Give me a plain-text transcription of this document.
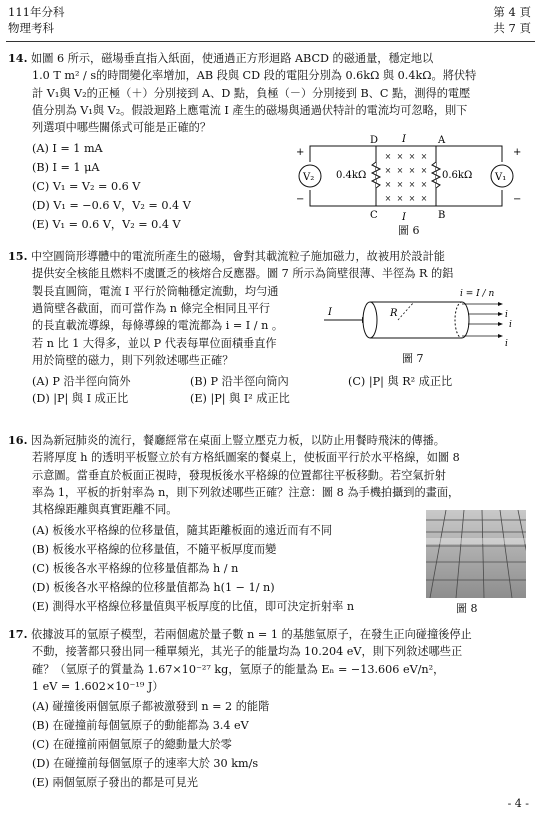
111年分科
物理考科
第 4 頁
共 7 頁

14. 如圖 6 所示，磁場垂直指入紙面，使通過正方形迴路 ABCD 的磁通量，穩定地以

1.0 T m² / s的時間變化率增加，AB 段與 CD 段的電阻分別為 0.6kΩ 與 0.4kΩ。將伏特

計 V₁與 V₂的正極（＋）分別接到 A、D 點，負極（－）分別接到 B、C 點，測得的電壓

值分別為 V₁與 V₂。假設迴路上應電流 I 產生的磁場與通過伏特計的電流均可忽略，則下

列選項中哪些關係式可能是正確的？

(A) I = 1 mA

(B) I = 1 μA

(C) V₁ = V₂ = 0.6 V

(D) V₁ = −0.6 V，V₂ = 0.4 V

(E) V₁ = 0.6 V，V₂ = 0.4 V

× × × ×
× × × ×
× × × ×
× × × ×
D	A
C	B
I
I
0.4kΩ	0.6kΩ
V₂
+
−
V₁
+
−
圖 6

15. 中空圓筒形導體中的電流所產生的磁場，會對其載流粒子施加磁力，故被用於設計能

提供安全核能且燃料不虞匱乏的核熔合反應器。圖 7 所示為筒壁很薄、半徑為 R 的鋁

製長直圓筒，電流 I 平行於筒軸穩定流動，均勻通

過筒壁各截面，而可當作為 n 條完全相同且平行

的長直載流導線，每條導線的電流都為 i = I / n 。

若 n 比 1 大得多，並以 P 代表每單位面積垂直作

用於筒壁的磁力，則下列敘述哪些正確？

(A) P 沿半徑向筒外	(B) P 沿半徑向筒內	(C) |P| 與 R² 成正比
(D) |P| 與 I 成正比	(E) |P| 與 I² 成正比
I	R
i = I / n
i
i
i
圖 7

16. 因為新冠肺炎的流行，餐廳經常在桌面上豎立壓克力板，以防止用餐時飛沫的傳播。

若將厚度 h 的透明平板豎立於有方格紙圖案的餐桌上，使板面平行於水平格線，如圖 8

示意圖。當垂直於板面正視時，發現板後水平格線的位置都往平板移動。若空氣折射

率為 1，平板的折射率為 n，則下列敘述哪些正確？注意：圖 8 為手機拍攝到的畫面，

其格線距離與真實距離不同。

(A) 板後水平格線的位移量值，隨其距離板面的遠近而有不同

(B) 板後水平格線的位移量值，不隨平板厚度而變

(C) 板後各水平格線的位移量值都為 h / n

(D) 板後各水平格線的位移量值都為 h(1 − 1/ n)

(E) 測得水平格線位移量值與平板厚度的比值，即可決定折射率 n	圖 8

17. 依據波耳的氫原子模型，若兩個處於量子數 n = 1 的基態氫原子，在發生正向碰撞後停止

不動，接著都只發出同一種單頻光，其光子的能量均為 10.204 eV，則下列敘述哪些正

確？（氫原子的質量為 1.67×10⁻²⁷ kg，氫原子的能量為 Eₙ = −13.606 eV/n²，

1 eV = 1.602×10⁻¹⁹ J）

(A) 碰撞後兩個氫原子都被激發到 n = 2 的能階

(B) 在碰撞前每個氫原子的動能都為 3.4 eV

(C) 在碰撞前兩個氫原子的總動量大於零

(D) 在碰撞前每個氫原子的速率大於 30 km/s

(E) 兩個氫原子發出的都是可見光

- 4 -
